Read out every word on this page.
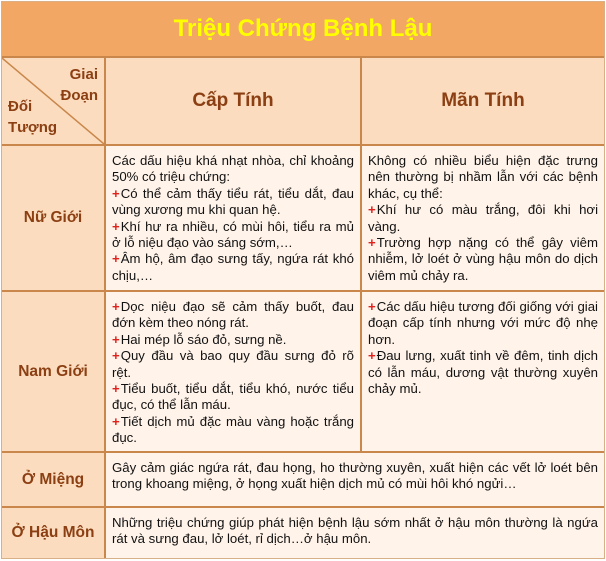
Triệu Chứng Bệnh Lậu
Giai
Đoạn
Đối
Tượng
Cấp Tính	Mãn Tính
Nữ Giới

Các dấu hiệu khá nhạt nhòa, chỉ khoảng 50% có triệu chứng:

+Có thể cảm thấy tiểu rát, tiểu dắt, đau vùng xương mu khi quan hệ.

+Khí hư ra nhiều, có mùi hôi, tiểu ra mủ ở lỗ niệu đạo vào sáng sớm,…

+Âm hộ, âm đạo sưng tấy, ngứa rát khó chịu,…

Không có nhiều biểu hiện đặc trưng nên thường bị nhầm lẫn với các bệnh khác, cụ thể:

+Khí hư có màu trắng, đôi khi hơi vàng.

+Trường hợp nặng có thể gây viêm nhiễm, lở loét ở vùng hậu môn do dịch viêm mủ chảy ra.

Nam Giới

+Dọc niệu đạo sẽ cảm thấy buốt, đau đớn kèm theo nóng rát.

+Hai mép lỗ sáo đỏ, sưng nề.

+Quy đầu và bao quy đầu sưng đỏ rõ rệt.

+Tiểu buốt, tiểu dắt, tiểu khó, nước tiểu đục, có thể lẫn máu.

+Tiết dịch mủ đặc màu vàng hoặc trắng đục.

+Các dấu hiệu tương đối giống với giai đoạn cấp tính nhưng với mức độ nhẹ hơn.

+Đau lưng, xuất tinh về đêm, tinh dịch có lẫn máu, dương vật thường xuyên chảy mủ.

Ở Miệng

Gây cảm giác ngứa rát, đau họng, ho thường xuyên, xuất hiện các vết lở loét bên trong khoang miệng, ở họng xuất hiện dịch mủ có mùi hôi khó ngửi…

Ở Hậu Môn

Những triệu chứng giúp phát hiện bệnh lậu sớm nhất ở hậu môn thường là ngứa rát và sưng đau, lở loét, rỉ dịch…ở hậu môn.
